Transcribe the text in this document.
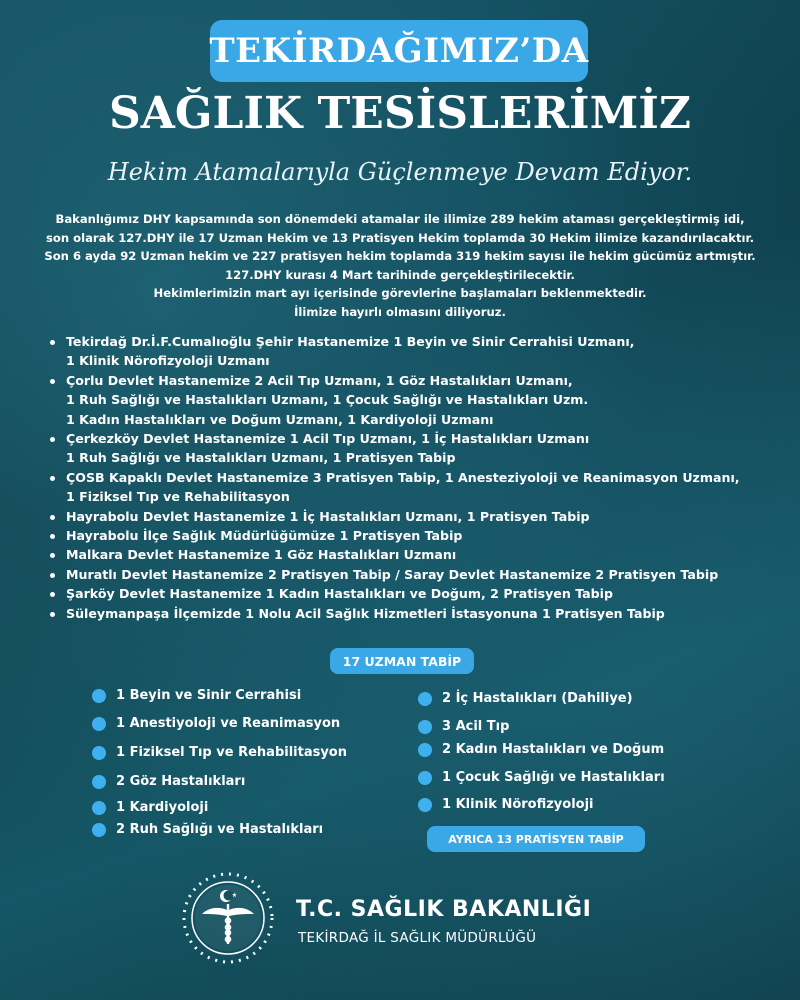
TEKİRDAĞIMIZ’DA
SAĞLIK TESİSLERİMİZ
Hekim Atamalarıyla Güçlenmeye Devam Ediyor.
Bakanlığımız DHY kapsamında son dönemdeki atamalar ile ilimize 289 hekim ataması gerçekleştirmiş idi,
son olarak 127.DHY ile 17 Uzman Hekim ve 13 Pratisyen Hekim toplamda 30 Hekim ilimize kazandırılacaktır.
Son 6 ayda 92 Uzman hekim ve 227 pratisyen hekim toplamda 319 hekim sayısı ile hekim gücümüz artmıştır.
127.DHY kurası 4 Mart tarihinde gerçekleştirilecektir.
Hekimlerimizin mart ayı içerisinde görevlerine başlamaları beklenmektedir.
İlimize hayırlı olmasını diliyoruz.
Tekirdağ Dr.İ.F.Cumalıoğlu Şehir Hastanemize 1 Beyin ve Sinir Cerrahisi Uzmanı,
1 Klinik Nörofizyoloji Uzmanı
Çorlu Devlet Hastanemize 2 Acil Tıp Uzmanı, 1 Göz Hastalıkları Uzmanı,
1 Ruh Sağlığı ve Hastalıkları Uzmanı, 1 Çocuk Sağlığı ve Hastalıkları Uzm.
1 Kadın Hastalıkları ve Doğum Uzmanı, 1 Kardiyoloji Uzmanı
Çerkezköy Devlet Hastanemize 1 Acil Tıp Uzmanı, 1 İç Hastalıkları Uzmanı
1 Ruh Sağlığı ve Hastalıkları Uzmanı, 1 Pratisyen Tabip
ÇOSB Kapaklı Devlet Hastanemize 3 Pratisyen Tabip, 1 Anesteziyoloji ve Reanimasyon Uzmanı,
1 Fiziksel Tıp ve Rehabilitasyon
Hayrabolu Devlet Hastanemize 1 İç Hastalıkları Uzmanı, 1 Pratisyen Tabip
Hayrabolu İlçe Sağlık Müdürlüğümüze 1 Pratisyen Tabip
Malkara Devlet Hastanemize 1 Göz Hastalıkları Uzmanı
Muratlı Devlet Hastanemize 2 Pratisyen Tabip / Saray Devlet Hastanemize 2 Pratisyen Tabip
Şarköy Devlet Hastanemize 1 Kadın Hastalıkları ve Doğum, 2 Pratisyen Tabip
Süleymanpaşa İlçemizde 1 Nolu Acil Sağlık Hizmetleri İstasyonuna 1 Pratisyen Tabip
17 UZMAN TABİP
1 Beyin ve Sinir Cerrahisi
1 Anestiyoloji ve Reanimasyon
1 Fiziksel Tıp ve Rehabilitasyon
2 Göz Hastalıkları
1 Kardiyoloji
2 Ruh Sağlığı ve Hastalıkları
2 İç Hastalıkları (Dahiliye)
3 Acil Tıp
2 Kadın Hastalıkları ve Doğum
1 Çocuk Sağlığı ve Hastalıkları
1 Klinik Nörofizyoloji
AYRICA 13 PRATİSYEN TABİP
T.C. SAĞLIK BAKANLIĞI
TEKİRDAĞ İL SAĞLIK MÜDÜRLÜĞÜ
